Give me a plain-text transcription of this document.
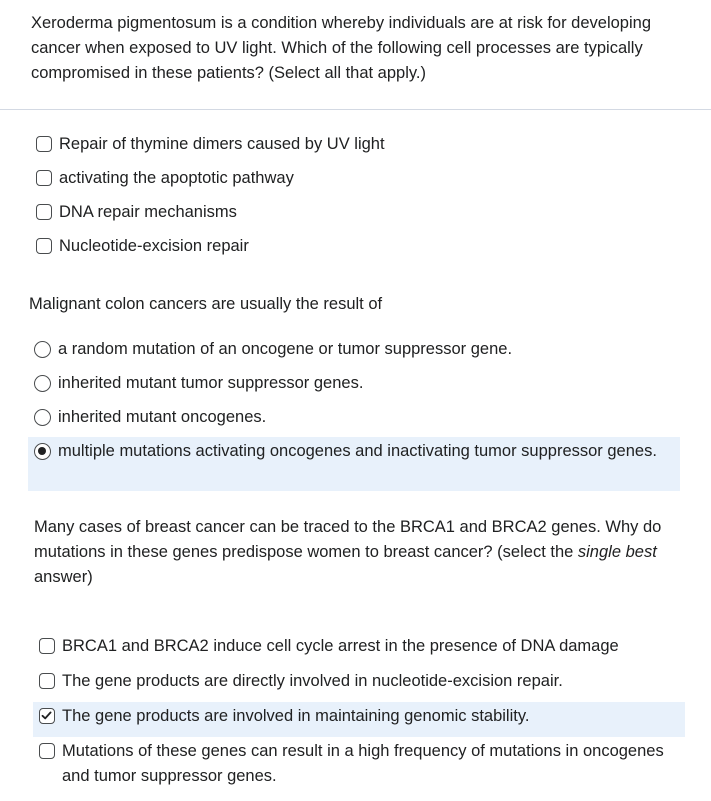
Xeroderma pigmentosum is a condition whereby individuals are at risk for developing cancer when exposed to UV light. Which of the following cell processes are typically compromised in these patients? (Select all that apply.)
Repair of thymine dimers caused by UV light
activating the apoptotic pathway
DNA repair mechanisms
Nucleotide-excision repair
Malignant colon cancers are usually the result of
a random mutation of an oncogene or tumor suppressor gene.
inherited mutant tumor suppressor genes.
inherited mutant oncogenes.
multiple mutations activating oncogenes and inactivating tumor suppressor genes.
Many cases of breast cancer can be traced to the BRCA1 and BRCA2 genes. Why do mutations in these genes predispose women to breast cancer? (select the single best answer)
BRCA1 and BRCA2 induce cell cycle arrest in the presence of DNA damage
The gene products are directly involved in nucleotide-excision repair.
The gene products are involved in maintaining genomic stability.
Mutations of these genes can result in a high frequency of mutations in oncogenes and tumor suppressor genes.
